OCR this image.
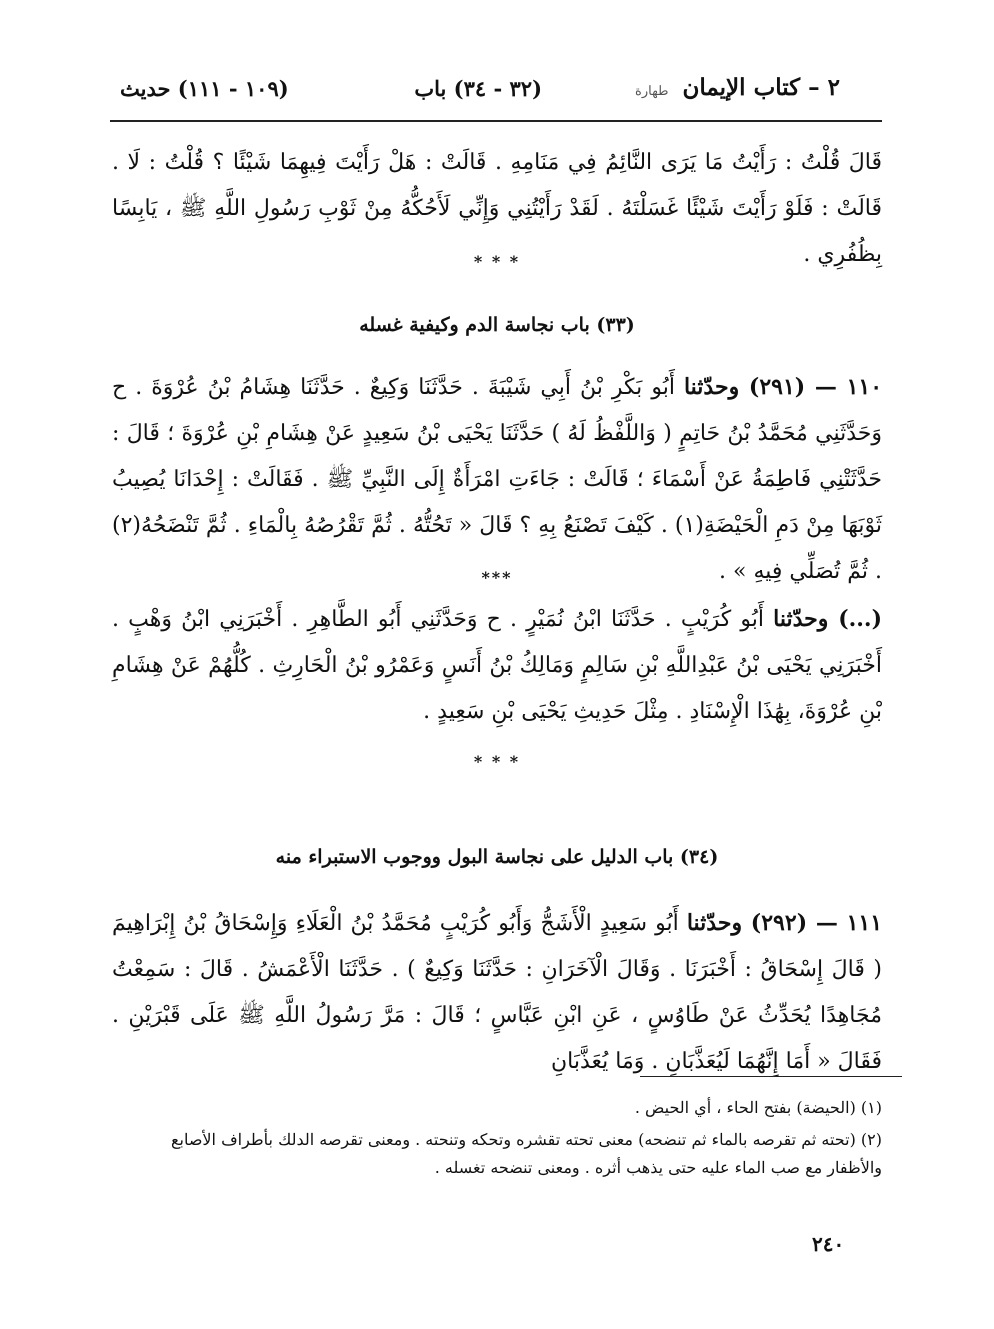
٢ – كتاب الإيمان طهارة
(٣٢ - ٣٤) باب
(١٠٩ - ١١١) حديث
قَالَ قُلْتُ : رَأَيْتُ مَا يَرَى النَّائِمُ فِي مَنَامِهِ . قَالَتْ : هَلْ رَأَيْتَ فِيهِمَا شَيْئًا ؟ قُلْتُ : لَا . قَالَتْ : فَلَوْ رَأَيْتَ شَيْئًا غَسَلْتَهُ . لَقَدْ رَأَيْتُنِي وَإِنِّي لَأَحُكُّهُ مِنْ ثَوْبِ رَسُولِ اللَّهِ ﷺ ، يَابِسًا بِظُفُرِي .
* * *
(٣٣) باب نجاسة الدم وكيفية غسله
١١٠ — (٢٩١) وحدّثنا أَبُو بَكْرِ بْنُ أَبِي شَيْبَةَ . حَدَّثَنَا وَكِيعٌ . حَدَّثَنَا هِشَامُ بْنُ عُرْوَةَ . ح وَحَدَّثَنِي مُحَمَّدُ بْنُ حَاتِمٍ ( وَاللَّفْظُ لَهُ ) حَدَّثَنَا يَحْيَى بْنُ سَعِيدٍ عَنْ هِشَامِ بْنِ عُرْوَةَ ؛ قَالَ : حَدَّثَتْنِي فَاطِمَةُ عَنْ أَسْمَاءَ ؛ قَالَتْ : جَاءَتِ امْرَأَةٌ إِلَى النَّبِيِّ ﷺ . فَقَالَتْ : إِحْدَانَا يُصِيبُ ثَوْبَهَا مِنْ دَمِ الْحَيْضَةِ(١) . كَيْفَ تَصْنَعُ بِهِ ؟ قَالَ « تَحُتُّهُ . ثُمَّ تَقْرُصُهُ بِالْمَاءِ . ثُمَّ تَنْضَحُهُ(٢) . ثُمَّ تُصَلِّي فِيهِ » .
***
(...) وحدّثنا أَبُو كُرَيْبٍ . حَدَّثَنَا ابْنُ نُمَيْرٍ . ح وَحَدَّثَنِي أَبُو الطَّاهِرِ . أَخْبَرَنِي ابْنُ وَهْبٍ . أَخْبَرَنِي يَحْيَى بْنُ عَبْدِاللَّهِ بْنِ سَالِمٍ وَمَالِكُ بْنُ أَنَسٍ وَعَمْرُو بْنُ الْحَارِثِ . كُلُّهُمْ عَنْ هِشَامِ بْنِ عُرْوَةَ، بِهَٰذَا الْإِسْنَادِ . مِثْلَ حَدِيثِ يَحْيَى بْنِ سَعِيدٍ .
* * *
(٣٤) باب الدليل على نجاسة البول ووجوب الاستبراء منه
١١١ — (٢٩٢) وحدّثنا أَبُو سَعِيدٍ الْأَشَجُّ وَأَبُو كُرَيْبٍ مُحَمَّدُ بْنُ الْعَلَاءِ وَإِسْحَاقُ بْنُ إِبْرَاهِيمَ ( قَالَ إِسْحَاقُ : أَخْبَرَنَا . وَقَالَ الْآخَرَانِ : حَدَّثَنَا وَكِيعٌ ) . حَدَّثَنَا الْأَعْمَشُ . قَالَ : سَمِعْتُ مُجَاهِدًا يُحَدِّثُ عَنْ طَاوُسٍ ، عَنِ ابْنِ عَبَّاسٍ ؛ قَالَ : مَرَّ رَسُولُ اللَّهِ ﷺ عَلَى قَبْرَيْنِ . فَقَالَ « أَمَا إِنَّهُمَا لَيُعَذَّبَانِ . وَمَا يُعَذَّبَانِ
(١) (الحيضة) بفتح الحاء ، أي الحيض .
(٢) (تحته ثم تقرصه بالماء ثم تنضحه) معنى تحته تقشره وتحكه وتنحته . ومعنى تقرصه الدلك بأطراف الأصابع والأظفار مع صب الماء عليه حتى يذهب أثره . ومعنى تنضحه تغسله .
٢٤٠
